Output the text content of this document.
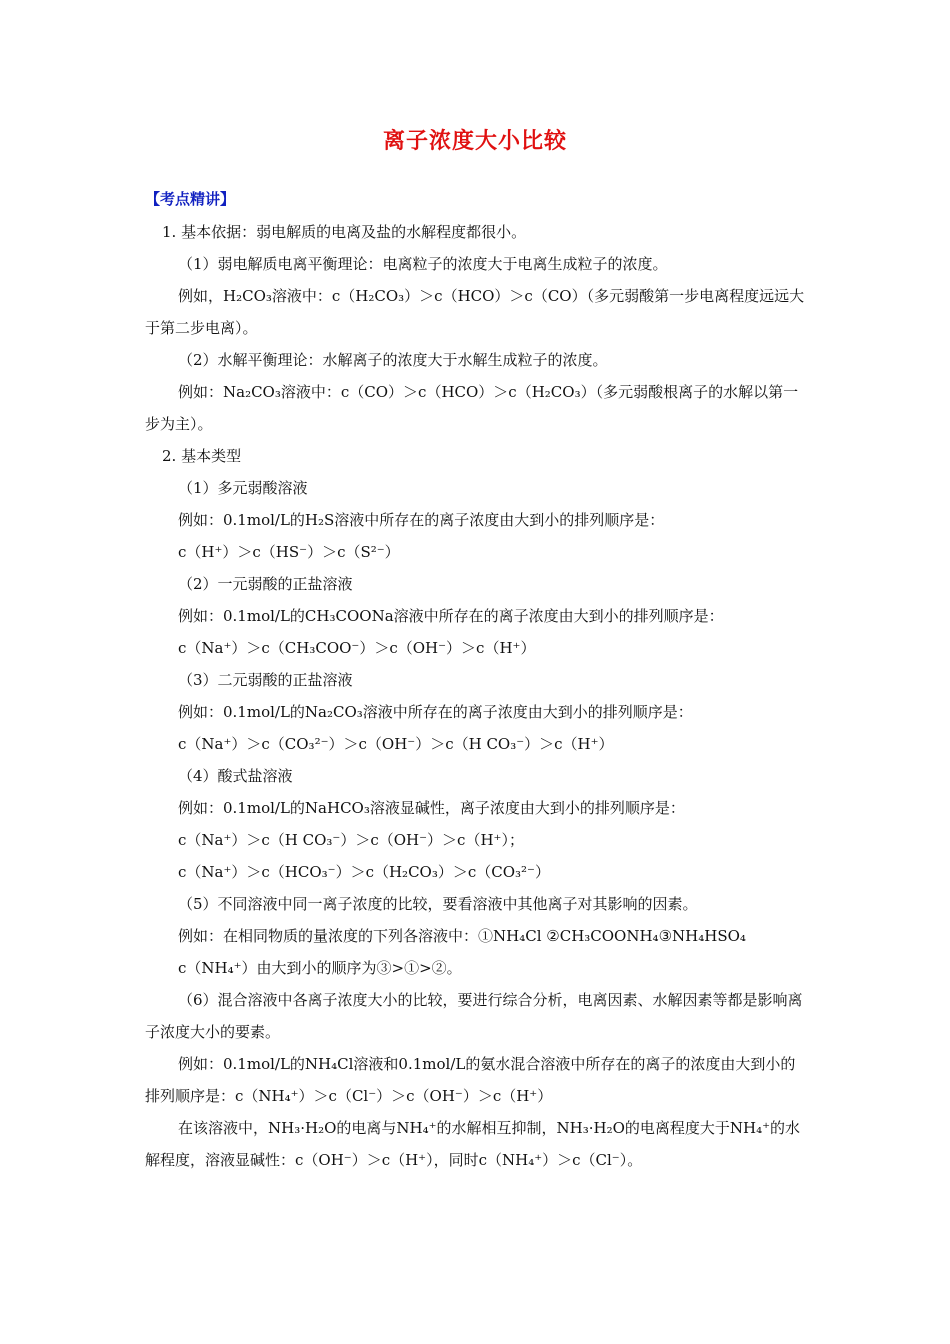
离子浓度大小比较
【考点精讲】
1. 基本依据：弱电解质的电离及盐的水解程度都很小。
（1）弱电解质电离平衡理论：电离粒子的浓度大于电离生成粒子的浓度。
例如，H₂CO₃溶液中：c（H₂CO₃）＞c（HCO）＞c（CO）（多元弱酸第一步电离程度远远大于第二步电离）。
（2）水解平衡理论：水解离子的浓度大于水解生成粒子的浓度。
例如：Na₂CO₃溶液中：c（CO）＞c（HCO）＞c（H₂CO₃）（多元弱酸根离子的水解以第一步为主）。
2. 基本类型
（1）多元弱酸溶液
例如：0.1mol/L的H₂S溶液中所存在的离子浓度由大到小的排列顺序是：
c（H⁺）＞c（HS⁻）＞c（S²⁻）
（2）一元弱酸的正盐溶液
例如：0.1mol/L的CH₃COONa溶液中所存在的离子浓度由大到小的排列顺序是：
c（Na⁺）＞c（CH₃COO⁻）＞c（OH⁻）＞c（H⁺）
（3）二元弱酸的正盐溶液
例如：0.1mol/L的Na₂CO₃溶液中所存在的离子浓度由大到小的排列顺序是：
c（Na⁺）＞c（CO₃²⁻）＞c（OH⁻）＞c（H CO₃⁻）＞c（H⁺）
（4）酸式盐溶液
例如：0.1mol/L的NaHCO₃溶液显碱性，离子浓度由大到小的排列顺序是：
c（Na⁺）＞c（H CO₃⁻）＞c（OH⁻）＞c（H⁺）；
c（Na⁺）＞c（HCO₃⁻）＞c（H₂CO₃）＞c（CO₃²⁻）
（5）不同溶液中同一离子浓度的比较，要看溶液中其他离子对其影响的因素。
例如：在相同物质的量浓度的下列各溶液中：①NH₄Cl ②CH₃COONH₄③NH₄HSO₄
c（NH₄⁺）由大到小的顺序为③>①>②。
（6）混合溶液中各离子浓度大小的比较，要进行综合分析，电离因素、水解因素等都是影响离子浓度大小的要素。
例如：0.1mol/L的NH₄Cl溶液和0.1mol/L的氨水混合溶液中所存在的离子的浓度由大到小的排列顺序是：c（NH₄⁺）＞c（Cl⁻）＞c（OH⁻）＞c（H⁺）
在该溶液中，NH₃·H₂O的电离与NH₄⁺的水解相互抑制，NH₃·H₂O的电离程度大于NH₄⁺的水解程度，溶液显碱性：c（OH⁻）＞c（H⁺），同时c（NH₄⁺）＞c（Cl⁻）。
